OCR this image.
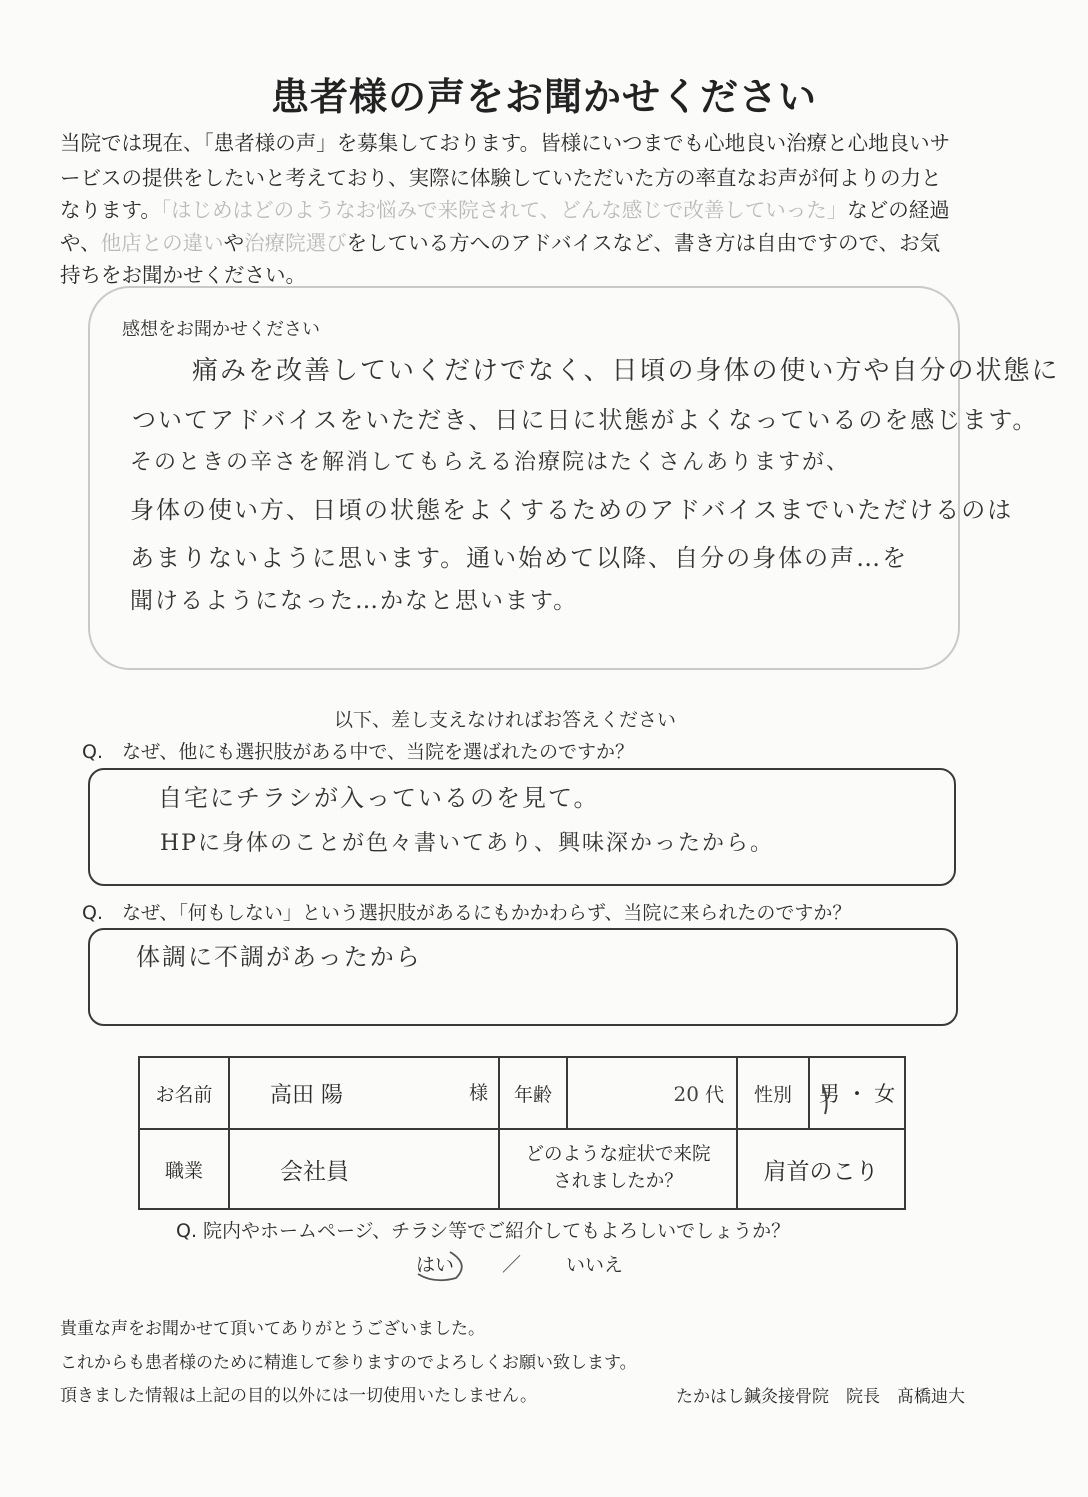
患者様の声をお聞かせください
当院では現在、「患者様の声」を募集しております。皆様にいつまでも心地良い治療と心地良いサ
ービスの提供をしたいと考えており、実際に体験していただいた方の率直なお声が何よりの力と
なります。「はじめはどのようなお悩みで来院されて、どんな感じで改善していった」などの経過
や、他店との違いや治療院選びをしている方へのアドバイスなど、書き方は自由ですので、お気
持ちをお聞かせください。
感想をお聞かせください
痛みを改善していくだけでなく、日頃の身体の使い方や自分の状態に
ついてアドバイスをいただき、日に日に状態がよくなっているのを感じます。
そのときの辛さを解消してもらえる治療院はたくさんありますが、
身体の使い方、日頃の状態をよくするためのアドバイスまでいただけるのは
あまりないように思います。通い始めて以降、自分の身体の声…を
聞けるようになった…かなと思います。
以下、差し支えなければお答えください
Q.　なぜ、他にも選択肢がある中で、当院を選ばれたのですか？
自宅にチラシが入っているのを見て。
HPに身体のことが色々書いてあり、興味深かったから。
Q.　なぜ、「何もしない」という選択肢があるにもかかわらず、当院に来られたのですか？
体調に不調があったから
お名前	高田 陽 様	年齢	20 代	性別	男 ・ 女
職業	会社員	どのような症状で来院されましたか？		肩首のこり	
Q. 院内やホームページ、チラシ等でご紹介してもよろしいでしょうか？
はい	／ いいえ
貴重な声をお聞かせて頂いてありがとうございました。
これからも患者様のために精進して参りますのでよろしくお願い致します。
頂きました情報は上記の目的以外には一切使用いたしません。	たかはし鍼灸接骨院　院長　髙橋迪大
